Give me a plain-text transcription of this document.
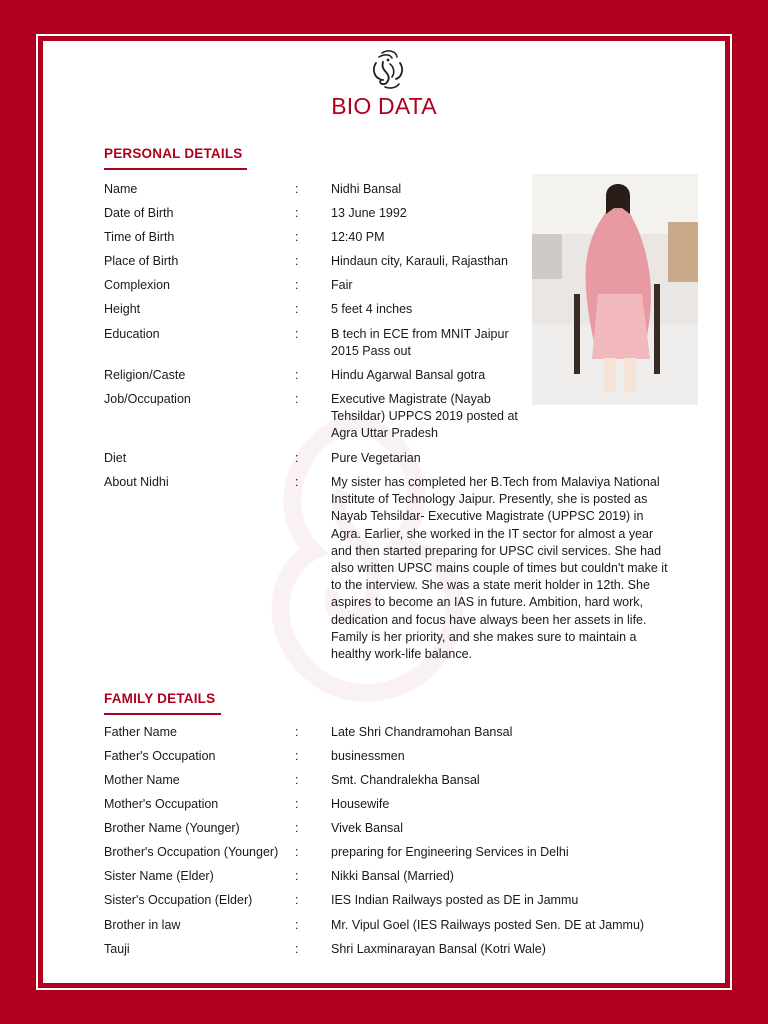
BIO DATA
PERSONAL DETAILS
Name	:	Nidhi Bansal
Date of Birth	:	13 June 1992
Time of Birth	:	12:40 PM
Place of Birth	:	Hindaun city, Karauli, Rajasthan
Complexion	:	Fair
Height	:	5 feet 4 inches
Education	:	B tech in ECE from MNIT Jaipur 2015 Pass out
Religion/Caste	:	Hindu Agarwal Bansal gotra
Job/Occupation	:	Executive Magistrate (Nayab Tehsildar) UPPCS 2019 posted at Agra Uttar Pradesh
Diet	:	Pure Vegetarian
About Nidhi	:	My sister has completed her B.Tech from Malaviya National Institute of Technology Jaipur. Presently, she is posted as Nayab Tehsildar- Executive Magistrate (UPPSC 2019) in Agra. Earlier, she worked in the IT sector for almost a year and then started preparing for UPSC civil services. She had also written UPSC mains couple of times but couldn't make it to the interview. She was a state merit holder in 12th. She aspires to become an IAS in future. Ambition, hard work, dedication and focus have always been her assets in life. Family is her priority, and she makes sure to maintain a healthy work-life balance.
FAMILY DETAILS
Father Name	:	Late Shri Chandramohan Bansal
Father's Occupation	:	businessmen
Mother Name	:	Smt. Chandralekha Bansal
Mother's Occupation	:	Housewife
Brother Name (Younger)	:	Vivek Bansal
Brother's Occupation (Younger)	:	preparing for Engineering Services in Delhi
Sister Name (Elder)	:	Nikki Bansal (Married)
Sister's Occupation (Elder)	:	IES Indian Railways posted as DE in Jammu
Brother in law	:	Mr. Vipul Goel (IES Railways posted Sen. DE at Jammu)
Tauji	:	Shri Laxminarayan Bansal (Kotri Wale)
